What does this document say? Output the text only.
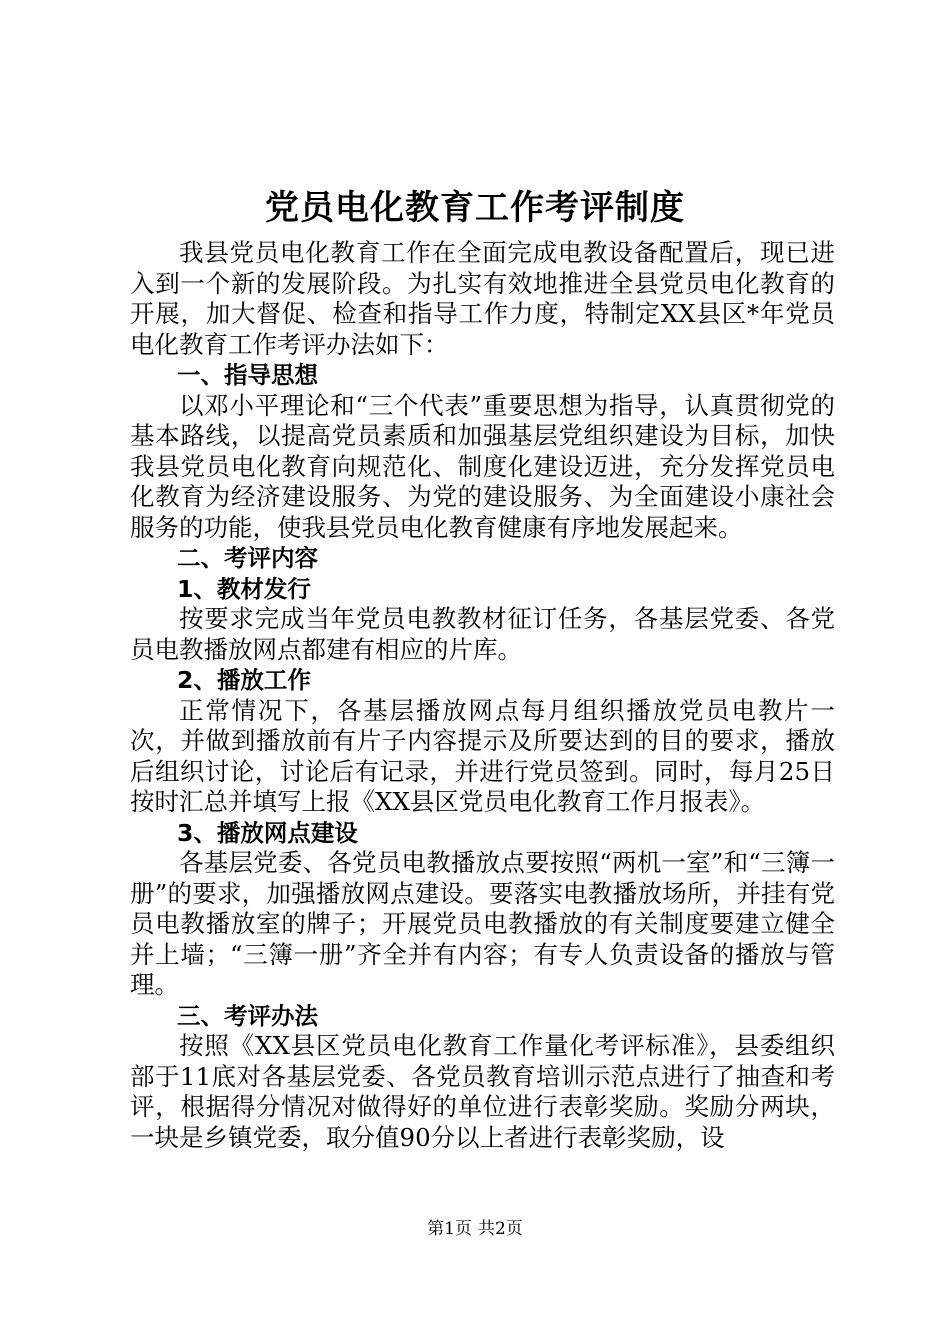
党员电化教育工作考评制度

我县党员电化教育工作在全面完成电教设备配置后，现已进入到一个新的发展阶段。为扎实有效地推进全县党员电化教育的开展，加大督促、检查和指导工作力度，特制定XX县区*年党员电化教育工作考评办法如下：

一、指导思想

以邓小平理论和“三个代表”重要思想为指导，认真贯彻党的基本路线，以提高党员素质和加强基层党组织建设为目标，加快我县党员电化教育向规范化、制度化建设迈进，充分发挥党员电化教育为经济建设服务、为党的建设服务、为全面建设小康社会服务的功能，使我县党员电化教育健康有序地发展起来。

二、考评内容

1、教材发行

按要求完成当年党员电教教材征订任务，各基层党委、各党员电教播放网点都建有相应的片库。

2、播放工作

正常情况下，各基层播放网点每月组织播放党员电教片一次，并做到播放前有片子内容提示及所要达到的目的要求，播放后组织讨论，讨论后有记录，并进行党员签到。同时，每月25日按时汇总并填写上报《XX县区党员电化教育工作月报表》。

3、播放网点建设

各基层党委、各党员电教播放点要按照“两机一室”和“三簿一册”的要求，加强播放网点建设。要落实电教播放场所，并挂有党员电教播放室的牌子；开展党员电教播放的有关制度要建立健全并上墙；“三簿一册”齐全并有内容；有专人负责设备的播放与管理。

三、考评办法

按照《XX县区党员电化教育工作量化考评标准》，县委组织部于11底对各基层党委、各党员教育培训示范点进行了抽查和考评，根据得分情况对做得好的单位进行表彰奖励。奖励分两块，一块是乡镇党委，取分值90分以上者进行表彰奖励，设

第1页 共2页
